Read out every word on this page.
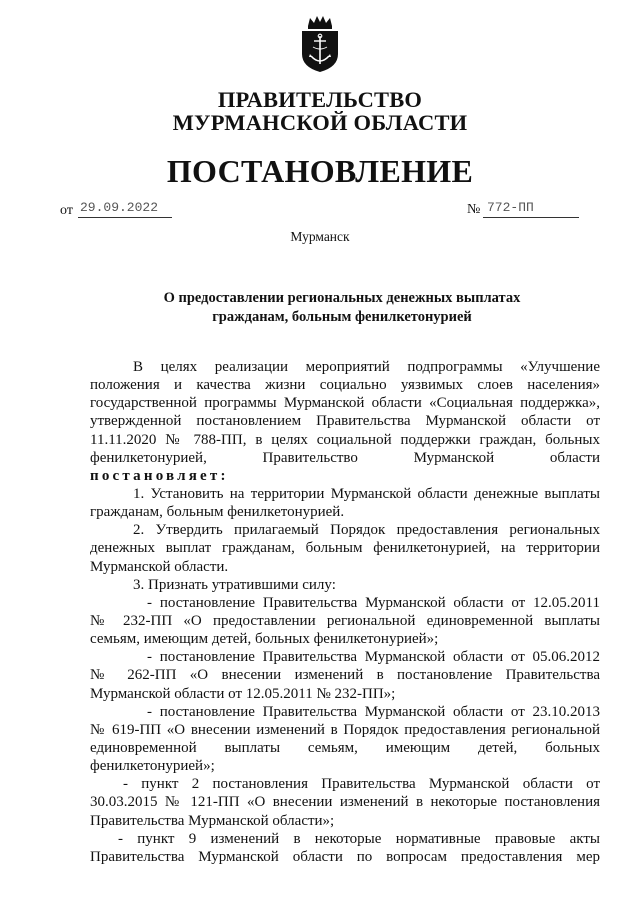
ПРАВИТЕЛЬСТВО
МУРМАНСКОЙ ОБЛАСТИ
ПОСТАНОВЛЕНИЕ
от 29.09.2022	№ 772-ПП
Мурманск
О предоставлении региональных денежных выплатах
гражданам, больным фенилкетонурией
В целях реализации мероприятий подпрограммы «Улучшение
положения и качества жизни социально уязвимых слоев населения»
государственной программы Мурманской области «Социальная поддержка»,
утвержденной постановлением Правительства Мурманской области от
11.11.2020 № 788-ПП, в целях социальной поддержки граждан, больных
фенилкетонурией, Правительство Мурманской области
постановляет:
1. Установить на территории Мурманской области денежные выплаты
гражданам, больным фенилкетонурией.
2. Утвердить прилагаемый Порядок предоставления региональных
денежных выплат гражданам, больным фенилкетонурией, на территории
Мурманской области.
3. Признать утратившими силу:
- постановление Правительства Мурманской области от 12.05.2011
№ 232-ПП «О предоставлении региональной единовременной выплаты
семьям, имеющим детей, больных фенилкетонурией»;
- постановление Правительства Мурманской области от 05.06.2012
№ 262-ПП «О внесении изменений в постановление Правительства
Мурманской области от 12.05.2011 № 232-ПП»;
- постановление Правительства Мурманской области от 23.10.2013
№ 619-ПП «О внесении изменений в Порядок предоставления региональной
единовременной выплаты семьям, имеющим детей, больных
фенилкетонурией»;
- пункт 2 постановления Правительства Мурманской области от
30.03.2015 № 121-ПП «О внесении изменений в некоторые постановления
Правительства Мурманской области»;
- пункт 9 изменений в некоторые нормативные правовые акты
Правительства Мурманской области по вопросам предоставления мер
